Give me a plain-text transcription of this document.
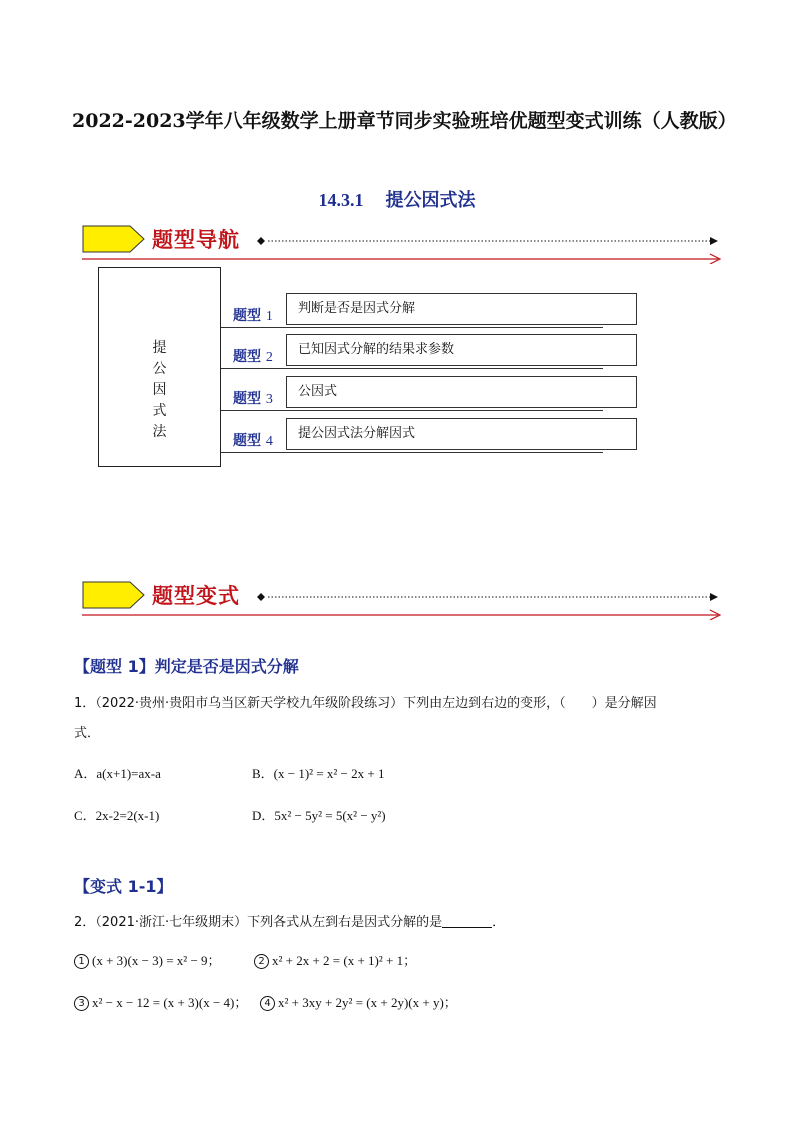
2022-2023学年八年级数学上册章节同步实验班培优题型变式训练（人教版）

14.3.1 提公因式法

题型导航
提
公
因
式
法
题型 1
判断是否是因式分解
题型 2
已知因式分解的结果求参数
题型 3
公因式
题型 4
提公因式法分解因式
题型变式
【题型 1】判定是否是因式分解
1．（2022·贵州·贵阳市乌当区新天学校九年级阶段练习）下列由左边到右边的变形，（　　）是分解因
式．
A．a(x+1)=ax-a	B．(x − 1)² = x² − 2x + 1
C．2x-2=2(x-1)	D．5x² − 5y² = 5(x² − y²)
【变式 1-1】
2．（2021·浙江·七年级期末）下列各式从左到右是因式分解的是	．
1 (x + 3)(x − 3) = x² − 9；	2 x² + 2x + 2 = (x + 1)² + 1；
3 x² − x − 12 = (x + 3)(x − 4)；	4 x² + 3xy + 2y² = (x + 2y)(x + y)；
